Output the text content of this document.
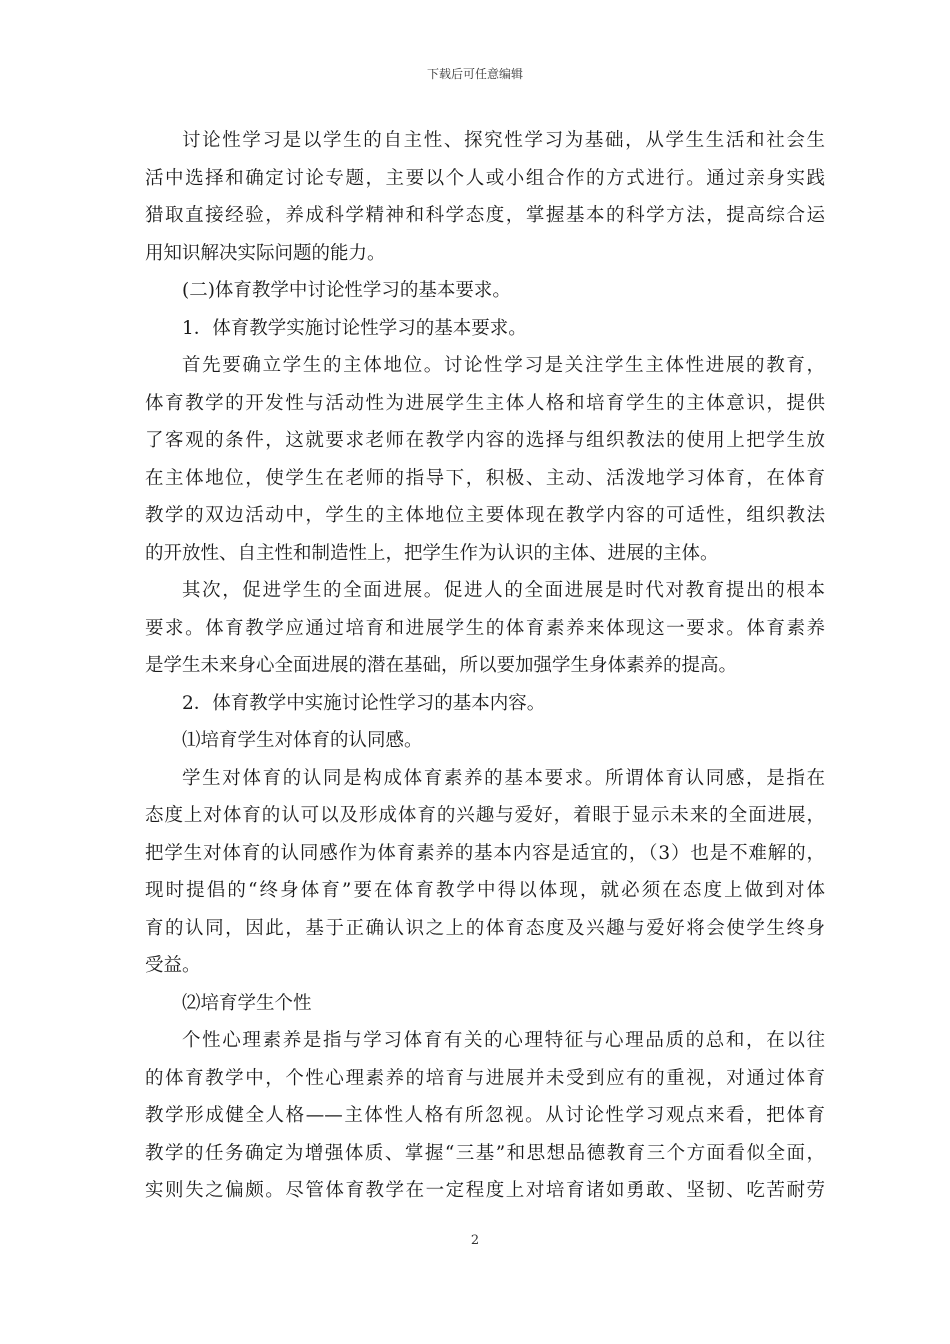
下载后可任意编辑
讨论性学习是以学生的自主性、探究性学习为基础，从学生生活和社会生
活中选择和确定讨论专题，主要以个人或小组合作的方式进行。通过亲身实践
猎取直接经验，养成科学精神和科学态度，掌握基本的科学方法，提高综合运
用知识解决实际问题的能力。
(二)体育教学中讨论性学习的基本要求。
1．体育教学实施讨论性学习的基本要求。
首先要确立学生的主体地位。讨论性学习是关注学生主体性进展的教育，
体育教学的开发性与活动性为进展学生主体人格和培育学生的主体意识，提供
了客观的条件，这就要求老师在教学内容的选择与组织教法的使用上把学生放
在主体地位，使学生在老师的指导下，积极、主动、活泼地学习体育，在体育
教学的双边活动中，学生的主体地位主要体现在教学内容的可适性，组织教法
的开放性、自主性和制造性上，把学生作为认识的主体、进展的主体。
其次，促进学生的全面进展。促进人的全面进展是时代对教育提出的根本
要求。体育教学应通过培育和进展学生的体育素养来体现这一要求。体育素养
是学生未来身心全面进展的潜在基础，所以要加强学生身体素养的提高。
2．体育教学中实施讨论性学习的基本内容。
⑴培育学生对体育的认同感。
学生对体育的认同是构成体育素养的基本要求。所谓体育认同感，是指在
态度上对体育的认可以及形成体育的兴趣与爱好，着眼于显示未来的全面进展，
把学生对体育的认同感作为体育素养的基本内容是适宜的，（3）也是不难解的，
现时提倡的“终身体育”要在体育教学中得以体现，就必须在态度上做到对体
育的认同，因此，基于正确认识之上的体育态度及兴趣与爱好将会使学生终身
受益。
⑵培育学生个性
个性心理素养是指与学习体育有关的心理特征与心理品质的总和，在以往
的体育教学中，个性心理素养的培育与进展并未受到应有的重视，对通过体育
教学形成健全人格——主体性人格有所忽视。从讨论性学习观点来看，把体育
教学的任务确定为增强体质、掌握“三基”和思想品德教育三个方面看似全面，
实则失之偏颇。尽管体育教学在一定程度上对培育诸如勇敢、坚韧、吃苦耐劳
2
